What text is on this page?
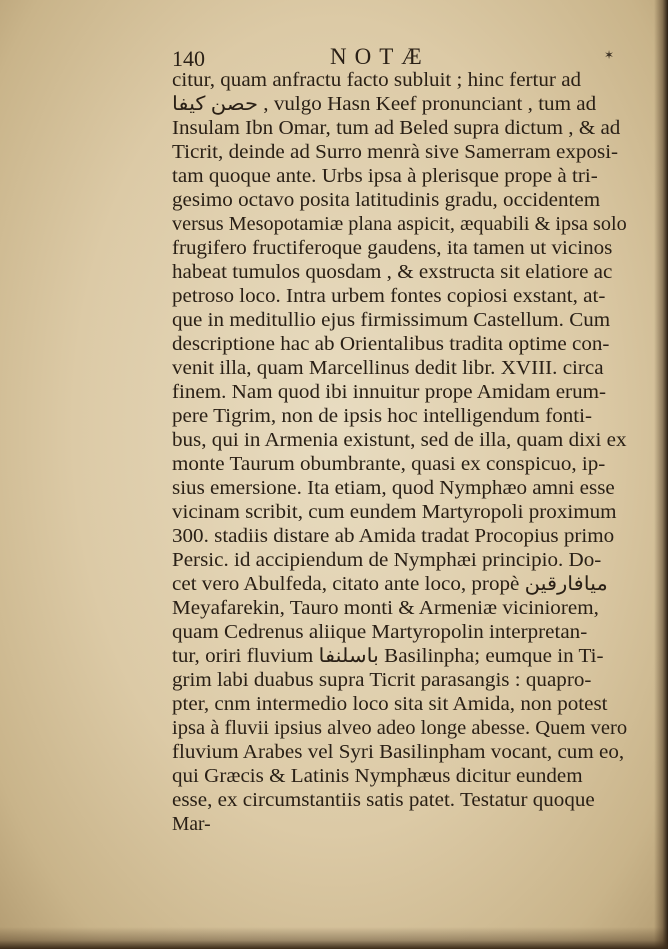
140	NOTÆ	✶
citur, quam anfractu facto subluit ; hinc fertur ad
حصن كيفا , vulgo Hasn Keef pronunciant , tum ad
Insulam Ibn Omar, tum ad Beled supra dictum , & ad
Ticrit, deinde ad Surro menrà sive Samerram exposi-
tam quoque ante. Urbs ipsa à plerisque prope à tri-
gesimo octavo posita latitudinis gradu, occidentem
versus Mesopotamiæ plana aspicit, æquabili & ipsa solo
frugifero fructiferoque gaudens, ita tamen ut vicinos
habeat tumulos quosdam , & exstructa sit elatiore ac
petroso loco. Intra urbem fontes copiosi exstant, at-
que in meditullio ejus firmissimum Castellum. Cum
descriptione hac ab Orientalibus tradita optime con-
venit illa, quam Marcellinus dedit libr. XVIII. circa
finem. Nam quod ibi innuitur prope Amidam erum-
pere Tigrim, non de ipsis hoc intelligendum fonti-
bus, qui in Armenia existunt, sed de illa, quam dixi ex
monte Taurum obumbrante, quasi ex conspicuo, ip-
sius emersione. Ita etiam, quod Nymphæo amni esse
vicinam scribit, cum eundem Martyropoli proximum
300. stadiis distare ab Amida tradat Procopius primo
Persic. id accipiendum de Nymphæi principio. Do-
cet vero Abulfeda, citato ante loco, propè ميافارقين
Meyafarekin, Tauro monti & Armeniæ viciniorem,
quam Cedrenus aliique Martyropolin interpretan-
tur, oriri fluvium باسلنفا Basilinpha; eumque in Ti-
grim labi duabus supra Ticrit parasangis : quapro-
pter, cnm intermedio loco sita sit Amida, non potest
ipsa à fluvii ipsius alveo adeo longe abesse. Quem vero
fluvium Arabes vel Syri Basilinpham vocant, cum eo,
qui Græcis & Latinis Nymphæus dicitur eundem
esse, ex circumstantiis satis patet. Testatur quoque
Mar-
